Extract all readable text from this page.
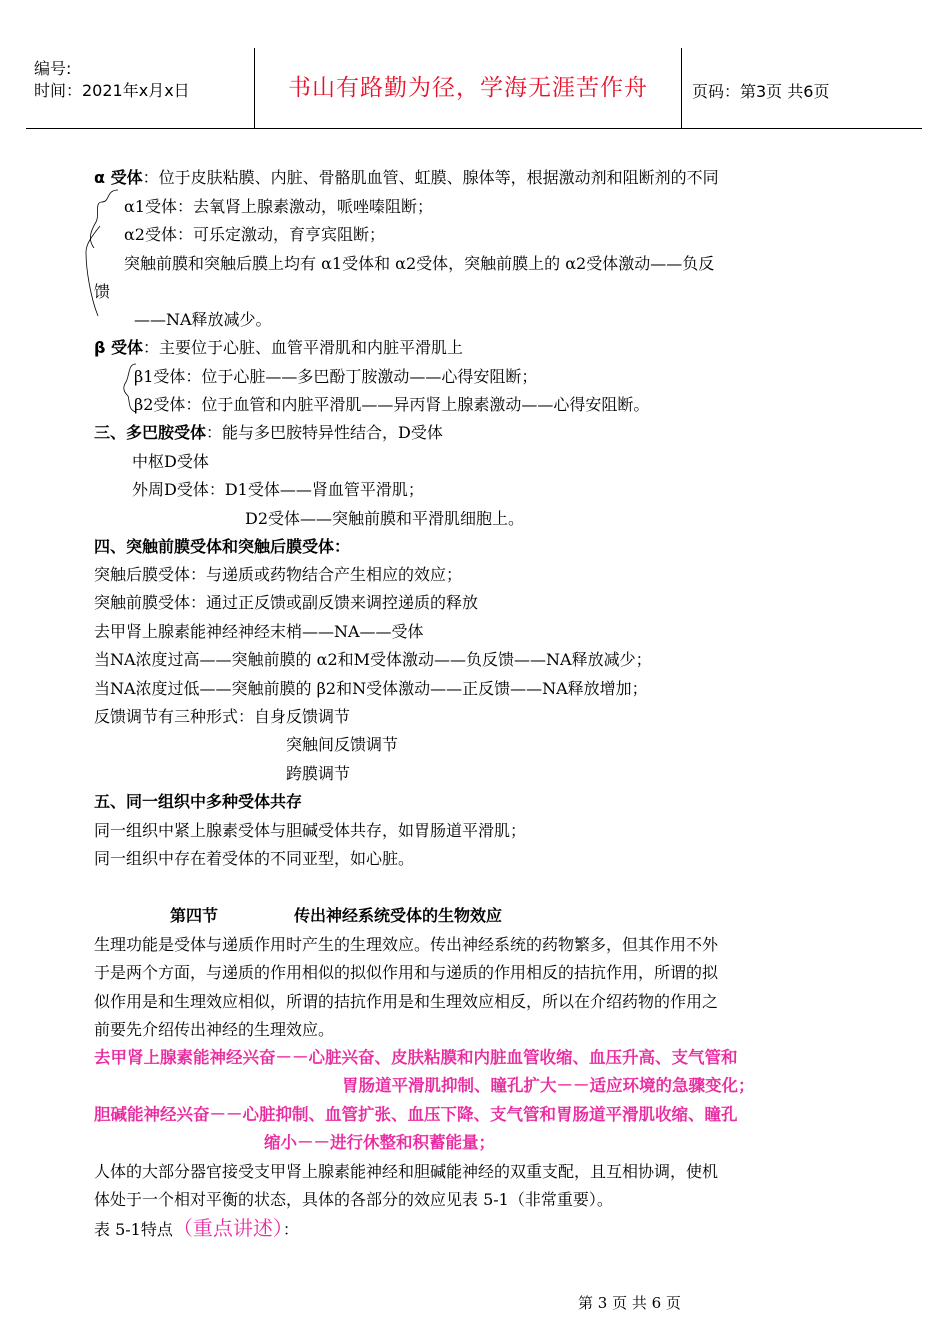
编号:
时间：2021年x月x日	书山有路勤为径，学海无涯苦作舟	页码：第3页 共6页
α 受体：位于皮肤粘膜、内脏、骨骼肌血管、虹膜、腺体等，根据激动剂和阻断剂的不同
α1受体：去氧肾上腺素激动，哌唑嗪阻断；
α2受体：可乐定激动，育亨宾阻断；
突触前膜和突触后膜上均有 α1受体和 α2受体，突触前膜上的 α2受体激动——负反
馈
——NA释放减少。
β 受体：主要位于心脏、血管平滑肌和内脏平滑肌上
β1受体：位于心脏——多巴酚丁胺激动——心得安阻断；
β2受体：位于血管和内脏平滑肌——异丙肾上腺素激动——心得安阻断。
三、多巴胺受体：能与多巴胺特异性结合，D受体
中枢D受体
外周D受体：D1受体——肾血管平滑肌；
D2受体——突触前膜和平滑肌细胞上。
四、突触前膜受体和突触后膜受体：
突触后膜受体：与递质或药物结合产生相应的效应；
突触前膜受体：通过正反馈或副反馈来调控递质的释放
去甲肾上腺素能神经神经末梢——NA——受体
当NA浓度过高——突触前膜的 α2和M受体激动——负反馈——NA释放减少；
当NA浓度过低——突触前膜的 β2和N受体激动——正反馈——NA释放增加；
反馈调节有三种形式：自身反馈调节
突触间反馈调节
跨膜调节
五、同一组织中多种受体共存
同一组织中紧上腺素受体与胆碱受体共存，如胃肠道平滑肌；
同一组织中存在着受体的不同亚型，如心脏。
第四节	传出神经系统受体的生物效应
生理功能是受体与递质作用时产生的生理效应。传出神经系统的药物繁多，但其作用不外
于是两个方面，与递质的作用相似的拟似作用和与递质的作用相反的拮抗作用，所谓的拟
似作用是和生理效应相似，所谓的拮抗作用是和生理效应相反，所以在介绍药物的作用之
前要先介绍传出神经的生理效应。
去甲肾上腺素能神经兴奋－－心脏兴奋、皮肤粘膜和内脏血管收缩、血压升高、支气管和
胃肠道平滑肌抑制、瞳孔扩大－－适应环境的急骤变化；
胆碱能神经兴奋－－心脏抑制、血管扩张、血压下降、支气管和胃肠道平滑肌收缩、瞳孔
缩小－－进行休整和积蓄能量；
人体的大部分器官接受支甲肾上腺素能神经和胆碱能神经的双重支配，且互相协调，使机
体处于一个相对平衡的状态，具体的各部分的效应见表 5-1（非常重要）。
表 5-1特点（重点讲述）：
第 3 页 共 6 页
